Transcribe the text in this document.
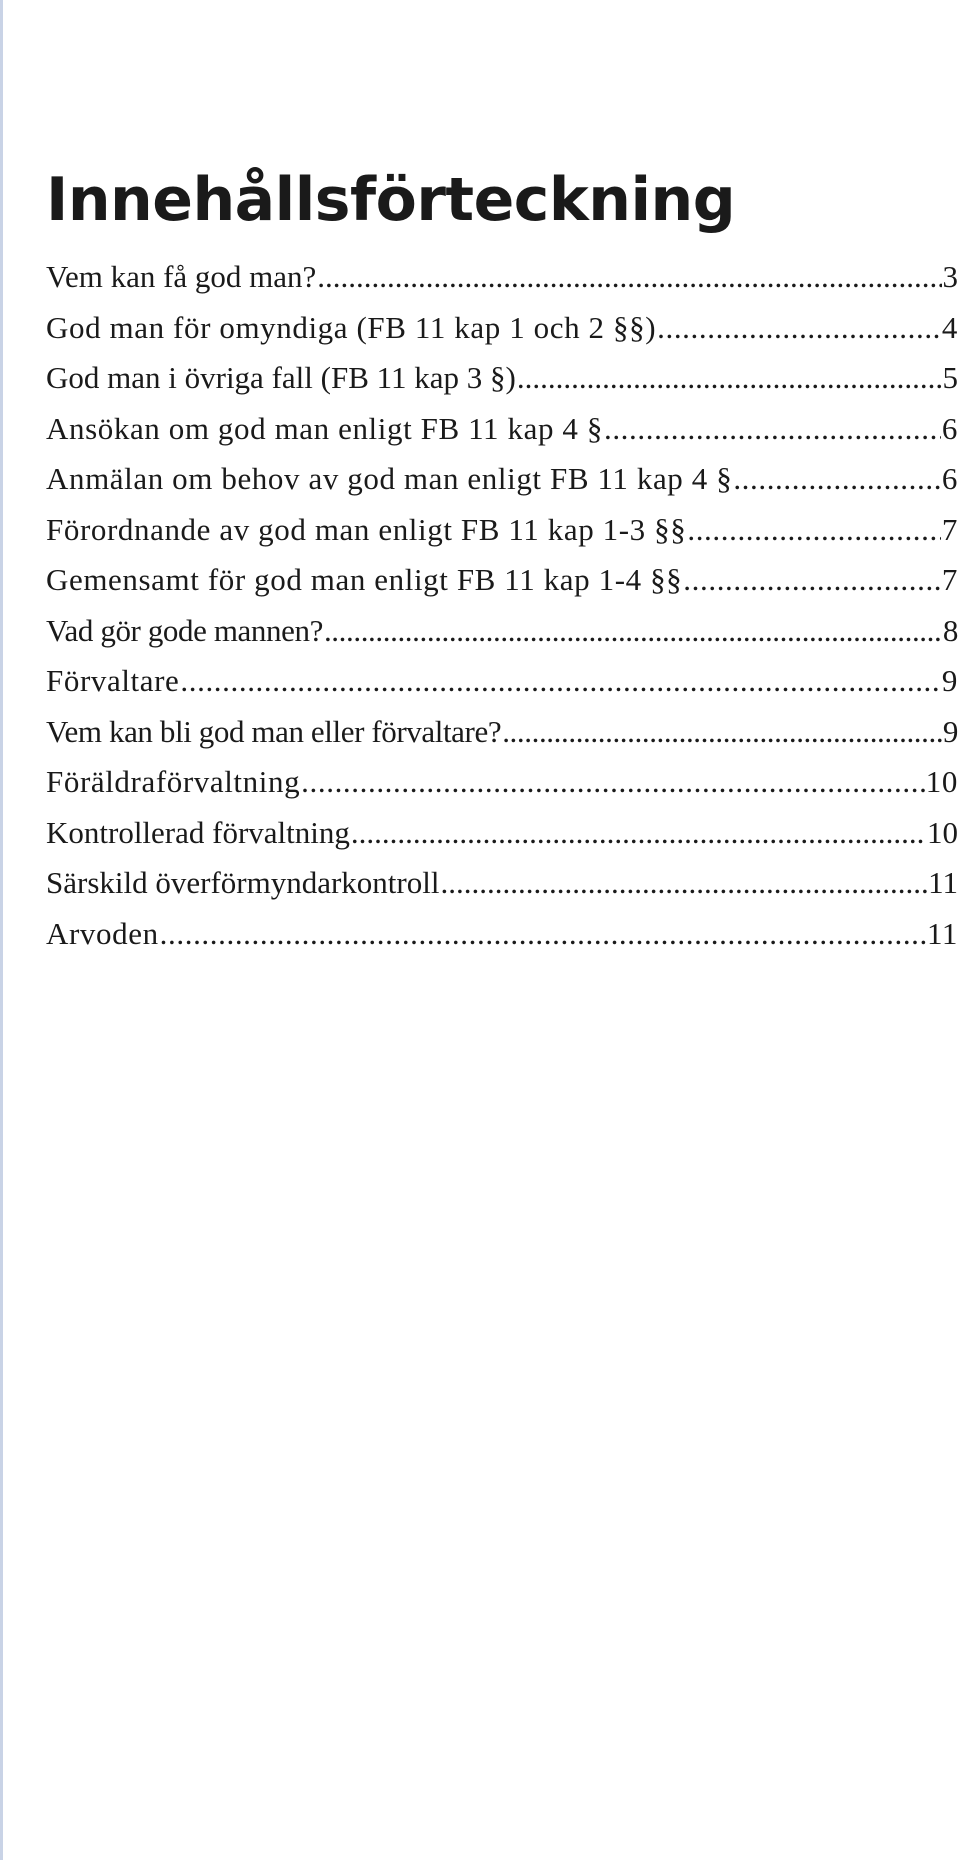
Innehållsförteckning
Vem kan få god man? .....	3
God man för omyndiga (FB 11 kap 1 och 2 §§) .....	4
God man i övriga fall (FB 11 kap 3 §) .....	5
Ansökan om god man enligt FB 11 kap 4 § .....	6
Anmälan om behov av god man enligt FB 11 kap 4 § .....	6
Förordnande av god man enligt FB 11 kap 1-3 §§ .....	7
Gemensamt för god man enligt FB 11 kap 1-4 §§ .....	7
Vad gör gode mannen? .....	8
Förvaltare .....	9
Vem kan bli god man eller förvaltare? .....	9
Föräldraförvaltning .....	10
Kontrollerad förvaltning .....	10
Särskild överförmyndarkontroll .....	11
Arvoden .....	11
